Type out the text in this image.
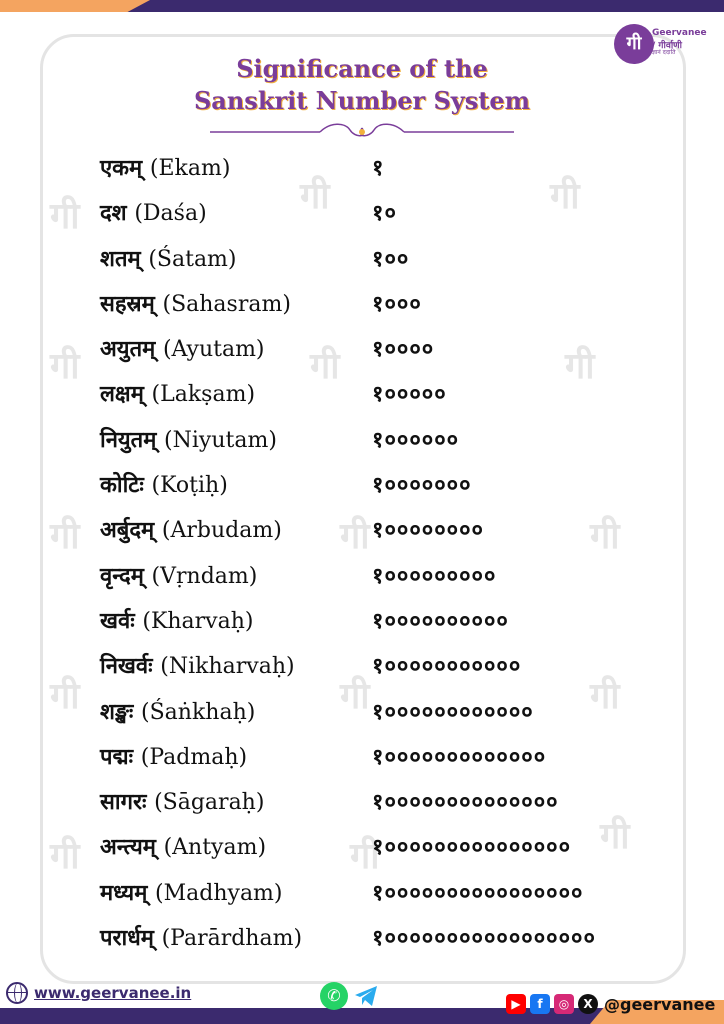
गी	Geervanee / गीर्वाणी
ज्ञानं ददाति
Significance of the
Sanskrit Number System
एकम् (Ekam)	१
दश (Daśa)	१०
शतम् (Śatam)	१००
सहस्रम् (Sahasram)	१०००
अयुतम् (Ayutam)	१००००
लक्षम् (Lakṣam)	१०००००
नियुतम् (Niyutam)	१००००००
कोटिः (Koṭiḥ)	१०००००००
अर्बुदम् (Arbudam)	१००००००००
वृन्दम् (Vṛndam)	१०००००००००
खर्वः (Kharvaḥ)	१००००००००००
निखर्वः (Nikharvaḥ)	१०००००००००००
शङ्खः (Śaṅkhaḥ)	१००००००००००००
पद्मः (Padmaḥ)	१०००००००००००००
सागरः (Sāgaraḥ)	१००००००००००००००
अन्त्यम् (Antyam)	१०००००००००००००००
मध्यम् (Madhyam)	१००००००००००००००००
परार्धम् (Parārdham)	१०००००००००००००००००
www.geervanee.in	✆	▶	f	◎	X @geervanee
